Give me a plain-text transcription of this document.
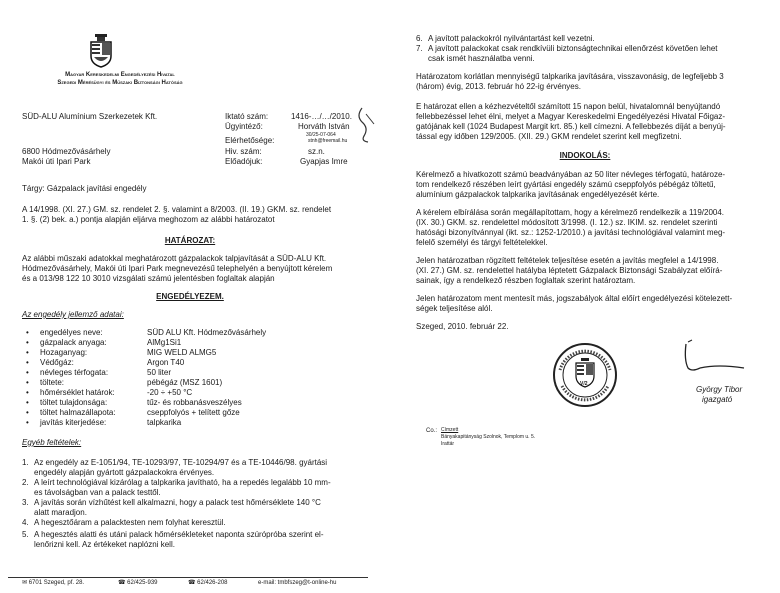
Magyar Kereskedelmi Engedélyezési Hivatal
Szegedi Mérésügyi és Műszaki Biztonsági Hatóság
SÜD-ALU Alumínium Szerkezetek Kft.
6800 Hódmezővásárhely
Makói úti Ipari Park
Iktató szám:	1416-…/…/2010.
Ügyintéző:	Horváth István
30/25-07-064
Elérhetősége:	stnh@freemail.hu
Hiv. szám:	sz.n.
Előadójuk:	Gyapjas Imre
Tárgy: Gázpalack javítási engedély
A 14/1998. (XI. 27.) GM. sz. rendelet 2. §. valamint a 8/2003. (II. 19.) GKM. sz. rendelet
1. §. (2) bek. a.) pontja alapján eljárva meghozom az alábbi határozatot
HATÁROZAT:
Az alábbi műszaki adatokkal meghatározott gázpalackok talpjavítását a SÜD-ALU Kft.
Hódmezővásárhely, Makói úti Ipari Park megnevezésű telephelyén a benyújtott kérelem
és a 013/98 122 10 3010 vizsgálati számú jelentésben foglaltak alapján
ENGEDÉLYEZEM.
Az engedély jellemző adatai:
• engedélyes neve:	SÜD ALU Kft. Hódmezővásárhely
• gázpalack anyaga:	AlMg1Si1
• Hozaganyag:	MIG WELD ALMG5
• Védőgáz:	Argon T40
• névleges térfogata:	50 liter
• töltete:	pébégáz (MSZ 1601)
• hőmérséklet határok:	-20 ÷ +50 °C
• töltet tulajdonsága:	tűz- és robbanásveszélyes
• töltet halmazállapota:	cseppfolyós + telített gőze
• javítás kiterjedése:	talpkarika
Egyéb feltételek:
1. Az engedély az E-1051/94, TE-10293/97, TE-10294/97 és a TE-10446/98. gyártási
engedély alapján gyártott gázpalackokra érvényes.
2. A leírt technológiával kizárólag a talpkarika javítható, ha a repedés legalább 10 mm-
es távolságban van a palack testtől.
3. A javítás során vízhűtést kell alkalmazni, hogy a palack test hőmérséklete 140 °C
alatt maradjon.
4. A hegesztőáram a palacktesten nem folyhat keresztül.
5. A hegesztés alatti és utáni palack hőmérsékleteket naponta szúrópróba szerint el-
lenőrizni kell. Az értékeket naplózni kell.
✉ 6701 Szeged, pf. 28.	☎ 62/425-939	☎ 62/426-208	e-mail: tmbfszeg@t-online-hu
6. A javított palackokról nyilvántartást kell vezetni.
7. A javított palackokat csak rendkívüli biztonságtechnikai ellenőrzést követően lehet
csak ismét használatba venni.
Határozatom korlátlan mennyiségű talpkarika javítására, visszavonásig, de legfeljebb 3
(három) évig, 2013. február hó 22-ig érvényes.
E határozat ellen a kézhezvételtől számított 15 napon belül, hivatalomnál benyújtandó
fellebbezéssel lehet élni, melyet a Magyar Kereskedelmi Engedélyezési Hivatal Főigaz-
gatójának kell (1024 Budapest Margit krt. 85.) kell címezni. A fellebbezés díját a benyúj-
tással egy időben 129/2005. (XII. 29.) GKM rendelet szerint kell megfizetni.
INDOKOLÁS:
Kérelmező a hivatkozott számú beadványában az 50 liter névleges térfogatú, határoze-
tom rendelkező részében leírt gyártási engedély számú cseppfolyós pébégáz töltetű,
alumínium gázpalackok talpkarika javításának engedélyezését kérte.
A kérelem elbírálása során megállapítottam, hogy a kérelmező rendelkezik a 119/2004.
(IX. 30.) GKM. sz. rendelettel módosított 3/1998. (I. 12.) sz. IKIM. sz. rendelet szerinti
hatósági bizonyítvánnyal (ikt. sz.: 1252-1/2010.) a javítási technológiával valamint meg-
felelő személyi és tárgyi feltételekkel.
Jelen határozatban rögzített feltételek teljesítése esetén a javítás megfelel a 14/1998.
(XI. 27.) GM. sz. rendelettel hatályba léptetett Gázpalack Biztonsági Szabályzat előírá-
sainak, így a rendelkező részben foglaltak szerint határoztam.
Jelen határozatom ment mentesít más, jogszabályok által előírt engedélyezési kötelezett-
ségek teljesítése alól.
Szeged, 2010. február 22.
V/2
György Tibor
igazgató
Co.: Címzett
Bányakapitányság Szolnok, Templom u. 5.
Irattár
